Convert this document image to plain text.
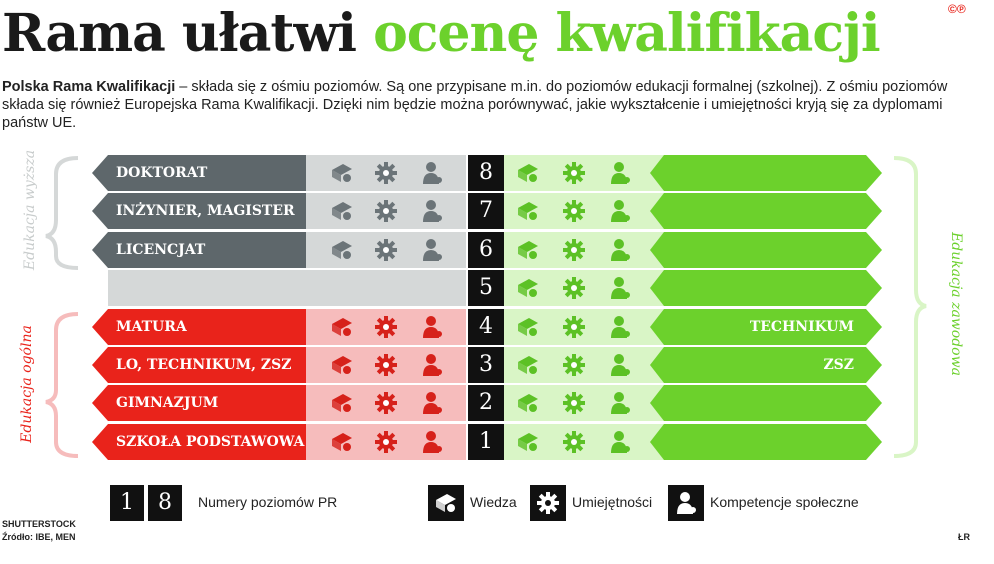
Rama ułatwi ocenę kwalifikacji	©℗
Polska Rama Kwalifikacji – składa się z ośmiu poziomów. Są one przypisane m.in. do poziomów edukacji formalnej (szkolnej). Z ośmiu poziomów składa się również Europejska Rama Kwalifikacji. Dzięki nim będzie można porównywać, jakie wykształcenie i umiejętności kryją się za dyplomami państw UE.
Edukacja wyższa
Edukacja ogólna
Edukacja zawodowa
DOKTORAT	8
INŻYNIER, MAGISTER	7
LICENCJAT	6
5
MATURA	4	TECHNIKUM
LO, TECHNIKUM, ZSZ	3	ZSZ
GIMNAZJUM	2
SZKOŁA PODSTAWOWA	1
1	8	Numery poziomów PR	Wiedza	Umiejętności	Kompetencje społeczne
SHUTTERSTOCK
Źródło: IBE, MEN	ŁR
